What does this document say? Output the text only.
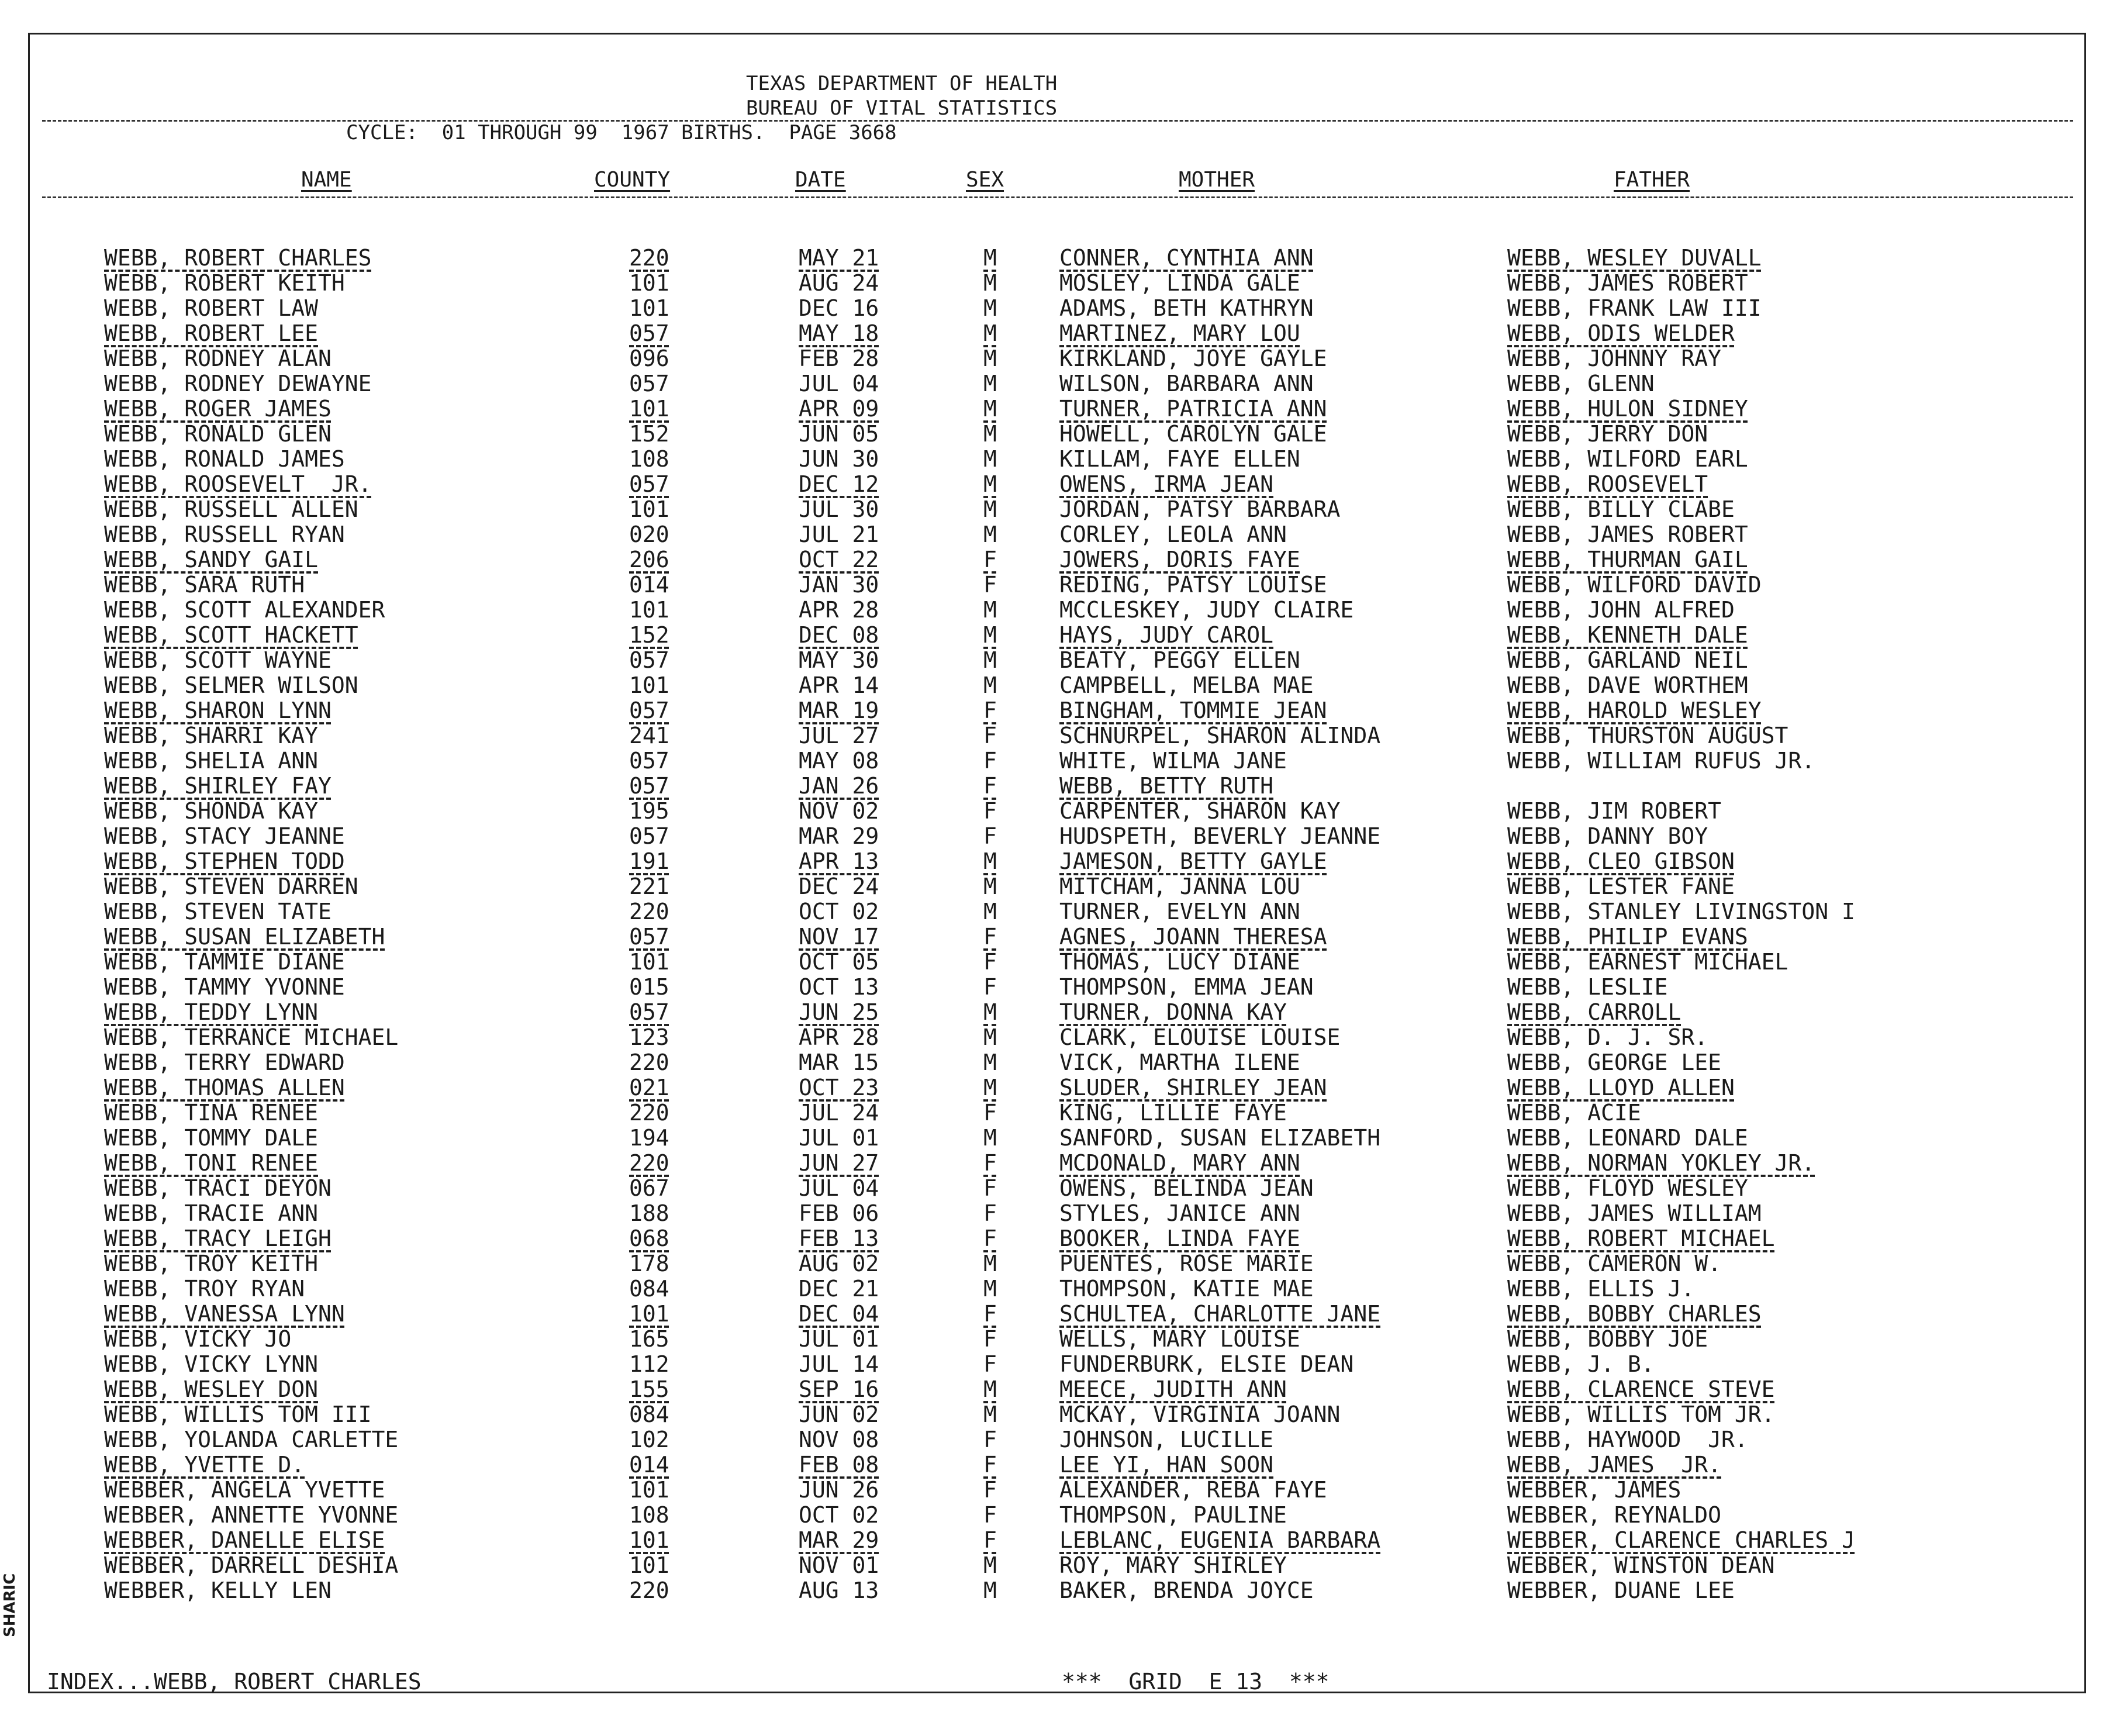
TEXAS DEPARTMENT OF HEALTH
BUREAU OF VITAL STATISTICS
CYCLE:  01 THROUGH 99  1967 BIRTHS.  PAGE 3668
NAME	COUNTY	DATE	SEX	MOTHER	FATHER
WEBB, ROBERT CHARLES	220	MAY 21	M	CONNER, CYNTHIA ANN	WEBB, WESLEY DUVALL
WEBB, ROBERT KEITH	101	AUG 24	M	MOSLEY, LINDA GALE	WEBB, JAMES ROBERT
WEBB, ROBERT LAW	101	DEC 16	M	ADAMS, BETH KATHRYN	WEBB, FRANK LAW III
WEBB, ROBERT LEE	057	MAY 18	M	MARTINEZ, MARY LOU	WEBB, ODIS WELDER
WEBB, RODNEY ALAN	096	FEB 28	M	KIRKLAND, JOYE GAYLE	WEBB, JOHNNY RAY
WEBB, RODNEY DEWAYNE	057	JUL 04	M	WILSON, BARBARA ANN	WEBB, GLENN
WEBB, ROGER JAMES	101	APR 09	M	TURNER, PATRICIA ANN	WEBB, HULON SIDNEY
WEBB, RONALD GLEN	152	JUN 05	M	HOWELL, CAROLYN GALE	WEBB, JERRY DON
WEBB, RONALD JAMES	108	JUN 30	M	KILLAM, FAYE ELLEN	WEBB, WILFORD EARL
WEBB, ROOSEVELT  JR.	057	DEC 12	M	OWENS, IRMA JEAN	WEBB, ROOSEVELT
WEBB, RUSSELL ALLEN	101	JUL 30	M	JORDAN, PATSY BARBARA	WEBB, BILLY CLABE
WEBB, RUSSELL RYAN	020	JUL 21	M	CORLEY, LEOLA ANN	WEBB, JAMES ROBERT
WEBB, SANDY GAIL	206	OCT 22	F	JOWERS, DORIS FAYE	WEBB, THURMAN GAIL
WEBB, SARA RUTH	014	JAN 30	F	REDING, PATSY LOUISE	WEBB, WILFORD DAVID
WEBB, SCOTT ALEXANDER	101	APR 28	M	MCCLESKEY, JUDY CLAIRE	WEBB, JOHN ALFRED
WEBB, SCOTT HACKETT	152	DEC 08	M	HAYS, JUDY CAROL	WEBB, KENNETH DALE
WEBB, SCOTT WAYNE	057	MAY 30	M	BEATY, PEGGY ELLEN	WEBB, GARLAND NEIL
WEBB, SELMER WILSON	101	APR 14	M	CAMPBELL, MELBA MAE	WEBB, DAVE WORTHEM
WEBB, SHARON LYNN	057	MAR 19	F	BINGHAM, TOMMIE JEAN	WEBB, HAROLD WESLEY
WEBB, SHARRI KAY	241	JUL 27	F	SCHNURPEL, SHARON ALINDA	WEBB, THURSTON AUGUST
WEBB, SHELIA ANN	057	MAY 08	F	WHITE, WILMA JANE	WEBB, WILLIAM RUFUS JR.
WEBB, SHIRLEY FAY	057	JAN 26	F	WEBB, BETTY RUTH
WEBB, SHONDA KAY	195	NOV 02	F	CARPENTER, SHARON KAY	WEBB, JIM ROBERT
WEBB, STACY JEANNE	057	MAR 29	F	HUDSPETH, BEVERLY JEANNE	WEBB, DANNY BOY
WEBB, STEPHEN TODD	191	APR 13	M	JAMESON, BETTY GAYLE	WEBB, CLEO GIBSON
WEBB, STEVEN DARREN	221	DEC 24	M	MITCHAM, JANNA LOU	WEBB, LESTER FANE
WEBB, STEVEN TATE	220	OCT 02	M	TURNER, EVELYN ANN	WEBB, STANLEY LIVINGSTON I
WEBB, SUSAN ELIZABETH	057	NOV 17	F	AGNES, JOANN THERESA	WEBB, PHILIP EVANS
WEBB, TAMMIE DIANE	101	OCT 05	F	THOMAS, LUCY DIANE	WEBB, EARNEST MICHAEL
WEBB, TAMMY YVONNE	015	OCT 13	F	THOMPSON, EMMA JEAN	WEBB, LESLIE
WEBB, TEDDY LYNN	057	JUN 25	M	TURNER, DONNA KAY	WEBB, CARROLL
WEBB, TERRANCE MICHAEL	123	APR 28	M	CLARK, ELOUISE LOUISE	WEBB, D. J. SR.
WEBB, TERRY EDWARD	220	MAR 15	M	VICK, MARTHA ILENE	WEBB, GEORGE LEE
WEBB, THOMAS ALLEN	021	OCT 23	M	SLUDER, SHIRLEY JEAN	WEBB, LLOYD ALLEN
WEBB, TINA RENEE	220	JUL 24	F	KING, LILLIE FAYE	WEBB, ACIE
WEBB, TOMMY DALE	194	JUL 01	M	SANFORD, SUSAN ELIZABETH	WEBB, LEONARD DALE
WEBB, TONI RENEE	220	JUN 27	F	MCDONALD, MARY ANN	WEBB, NORMAN YOKLEY JR.
WEBB, TRACI DEYON	067	JUL 04	F	OWENS, BELINDA JEAN	WEBB, FLOYD WESLEY
WEBB, TRACIE ANN	188	FEB 06	F	STYLES, JANICE ANN	WEBB, JAMES WILLIAM
WEBB, TRACY LEIGH	068	FEB 13	F	BOOKER, LINDA FAYE	WEBB, ROBERT MICHAEL
WEBB, TROY KEITH	178	AUG 02	M	PUENTES, ROSE MARIE	WEBB, CAMERON W.
WEBB, TROY RYAN	084	DEC 21	M	THOMPSON, KATIE MAE	WEBB, ELLIS J.
WEBB, VANESSA LYNN	101	DEC 04	F	SCHULTEA, CHARLOTTE JANE	WEBB, BOBBY CHARLES
WEBB, VICKY JO	165	JUL 01	F	WELLS, MARY LOUISE	WEBB, BOBBY JOE
WEBB, VICKY LYNN	112	JUL 14	F	FUNDERBURK, ELSIE DEAN	WEBB, J. B.
WEBB, WESLEY DON	155	SEP 16	M	MEECE, JUDITH ANN	WEBB, CLARENCE STEVE
WEBB, WILLIS TOM III	084	JUN 02	M	MCKAY, VIRGINIA JOANN	WEBB, WILLIS TOM JR.
WEBB, YOLANDA CARLETTE	102	NOV 08	F	JOHNSON, LUCILLE	WEBB, HAYWOOD  JR.
WEBB, YVETTE D.	014	FEB 08	F	LEE YI, HAN SOON	WEBB, JAMES  JR.
WEBBER, ANGELA YVETTE	101	JUN 26	F	ALEXANDER, REBA FAYE	WEBBER, JAMES
WEBBER, ANNETTE YVONNE	108	OCT 02	F	THOMPSON, PAULINE	WEBBER, REYNALDO
WEBBER, DANELLE ELISE	101	MAR 29	F	LEBLANC, EUGENIA BARBARA	WEBBER, CLARENCE CHARLES J
WEBBER, DARRELL DESHIA	101	NOV 01	M	ROY, MARY SHIRLEY	WEBBER, WINSTON DEAN
WEBBER, KELLY LEN	220	AUG 13	M	BAKER, BRENDA JOYCE	WEBBER, DUANE LEE
SHARIC
INDEX...WEBB, ROBERT CHARLES	***  GRID  E 13  ***
